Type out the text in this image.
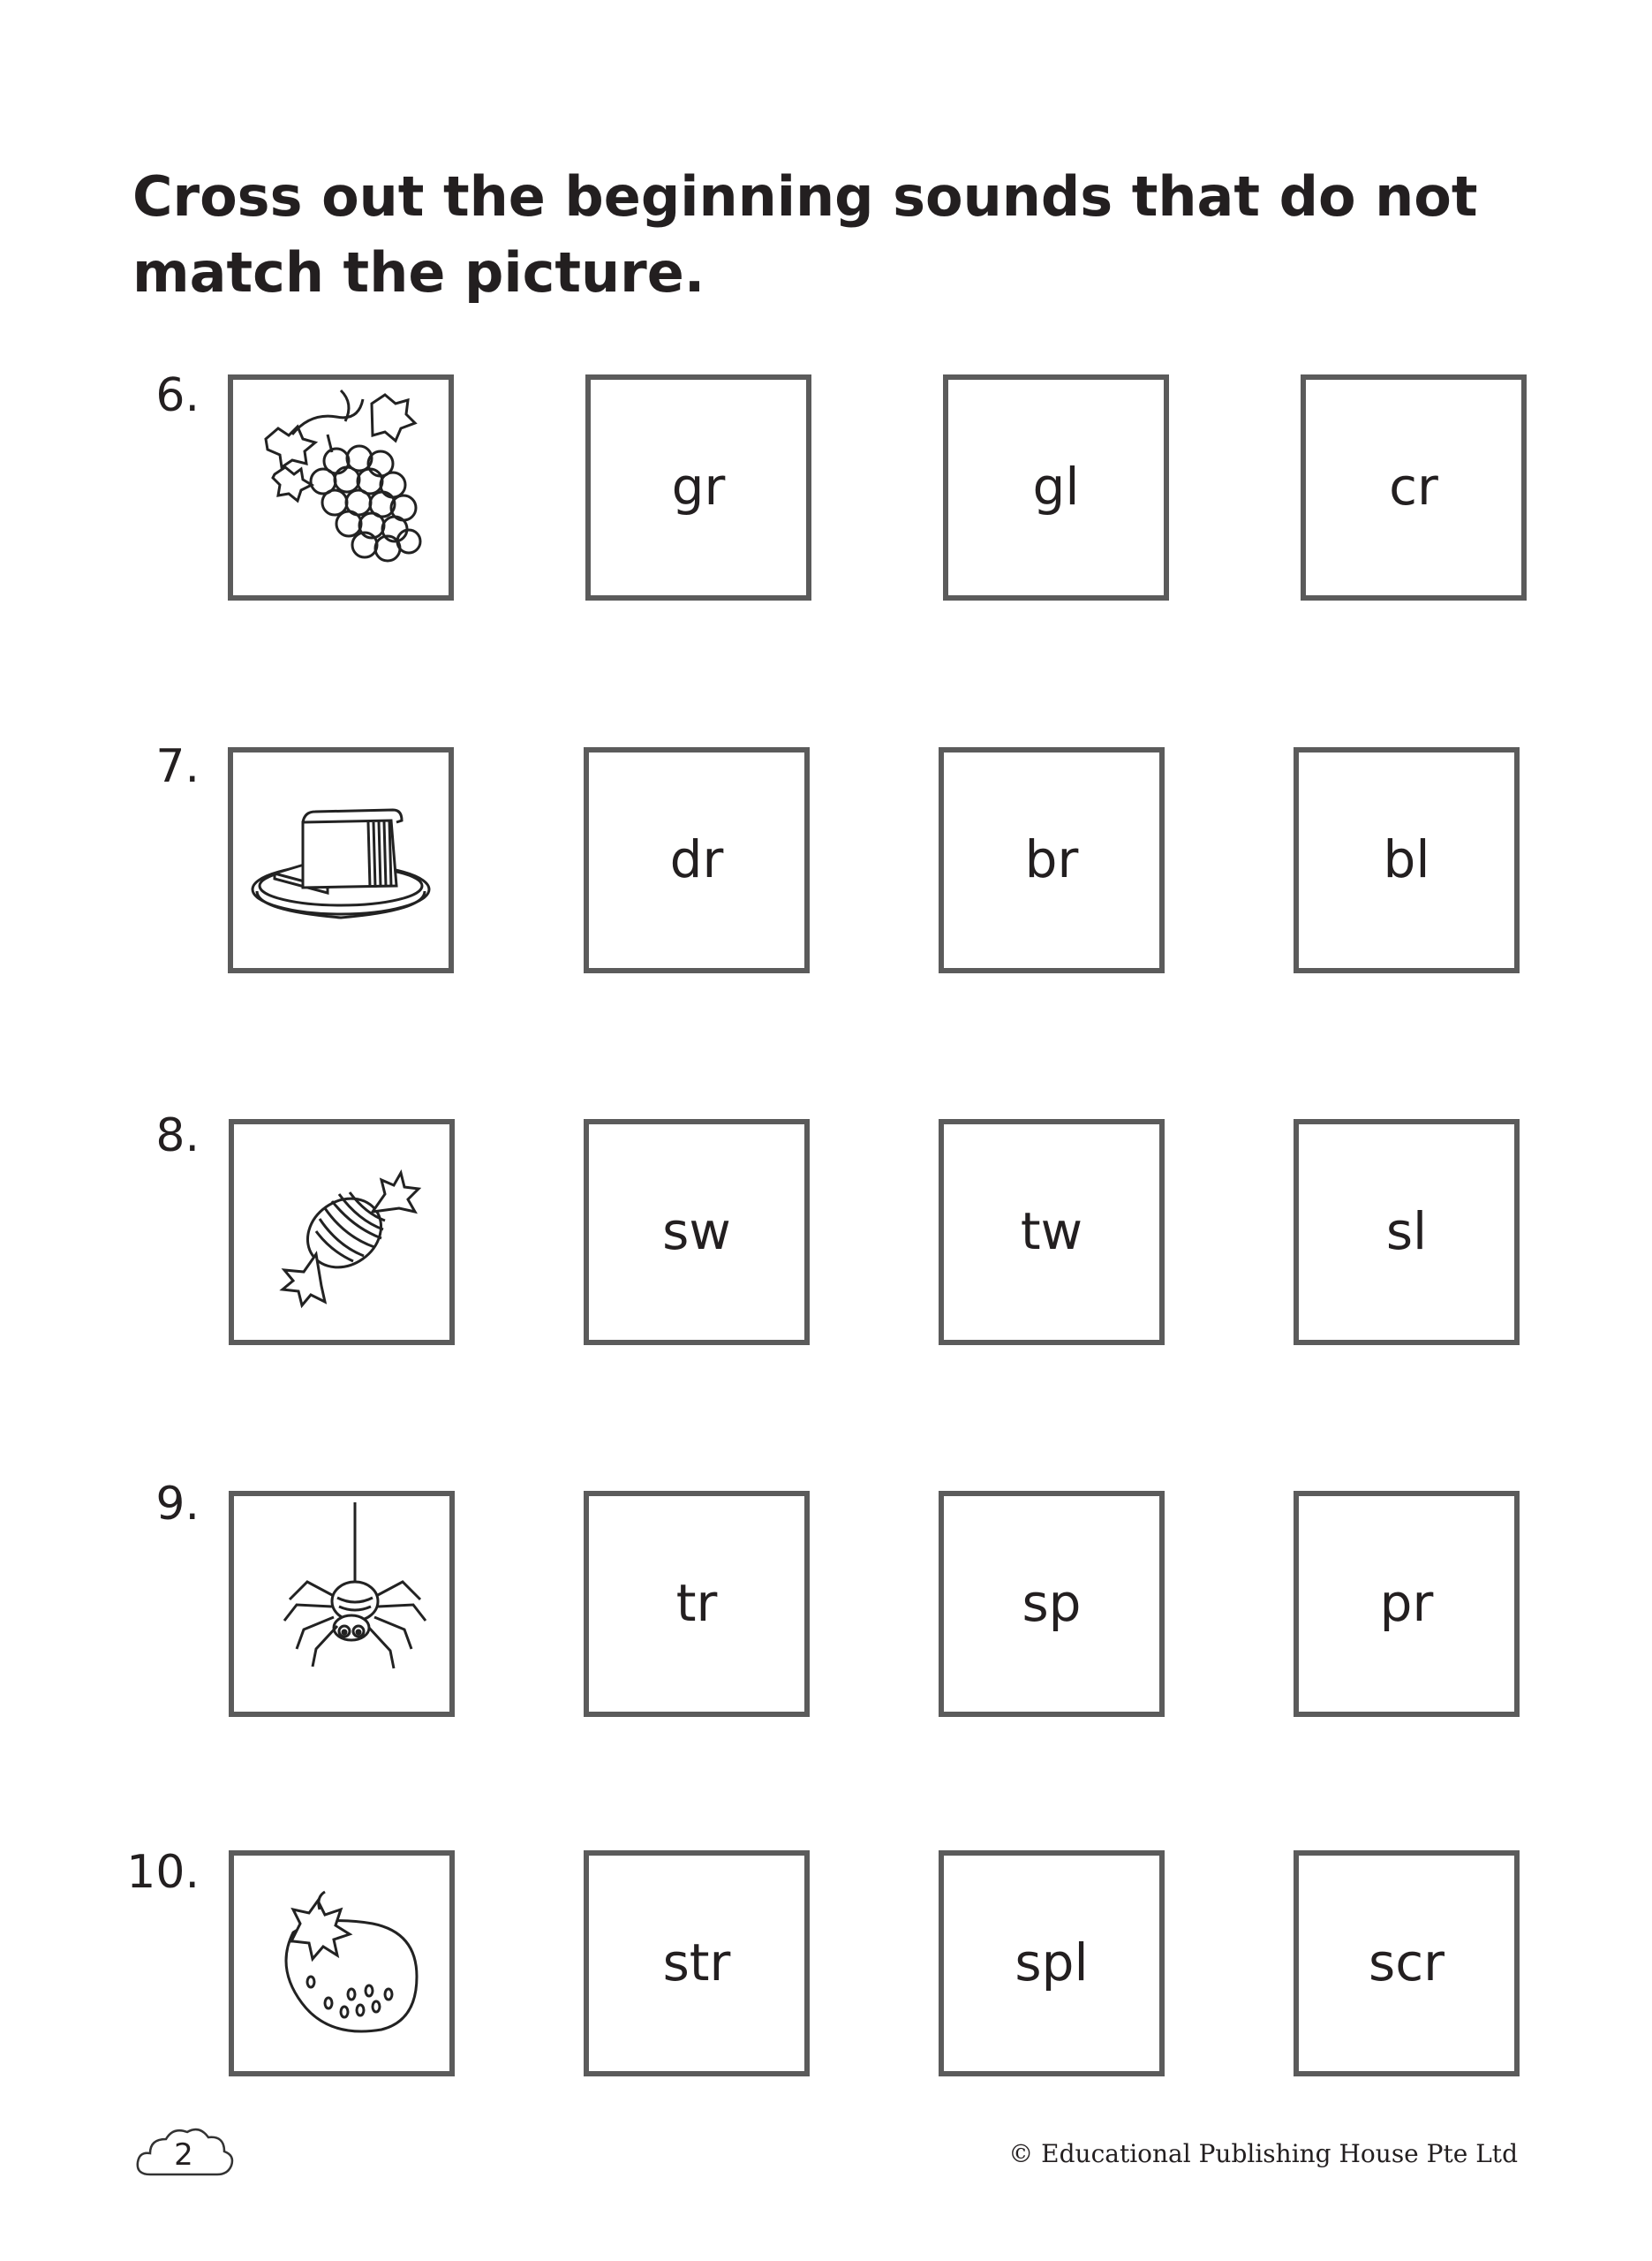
Cross out the beginning sounds that do not match the picture.
6.
gr	gl	cr
7.
dr	br	bl
8.
sw	tw	sl
9.
tr	sp	pr
10.
str	spl	scr
2	© Educational Publishing House Pte Ltd
